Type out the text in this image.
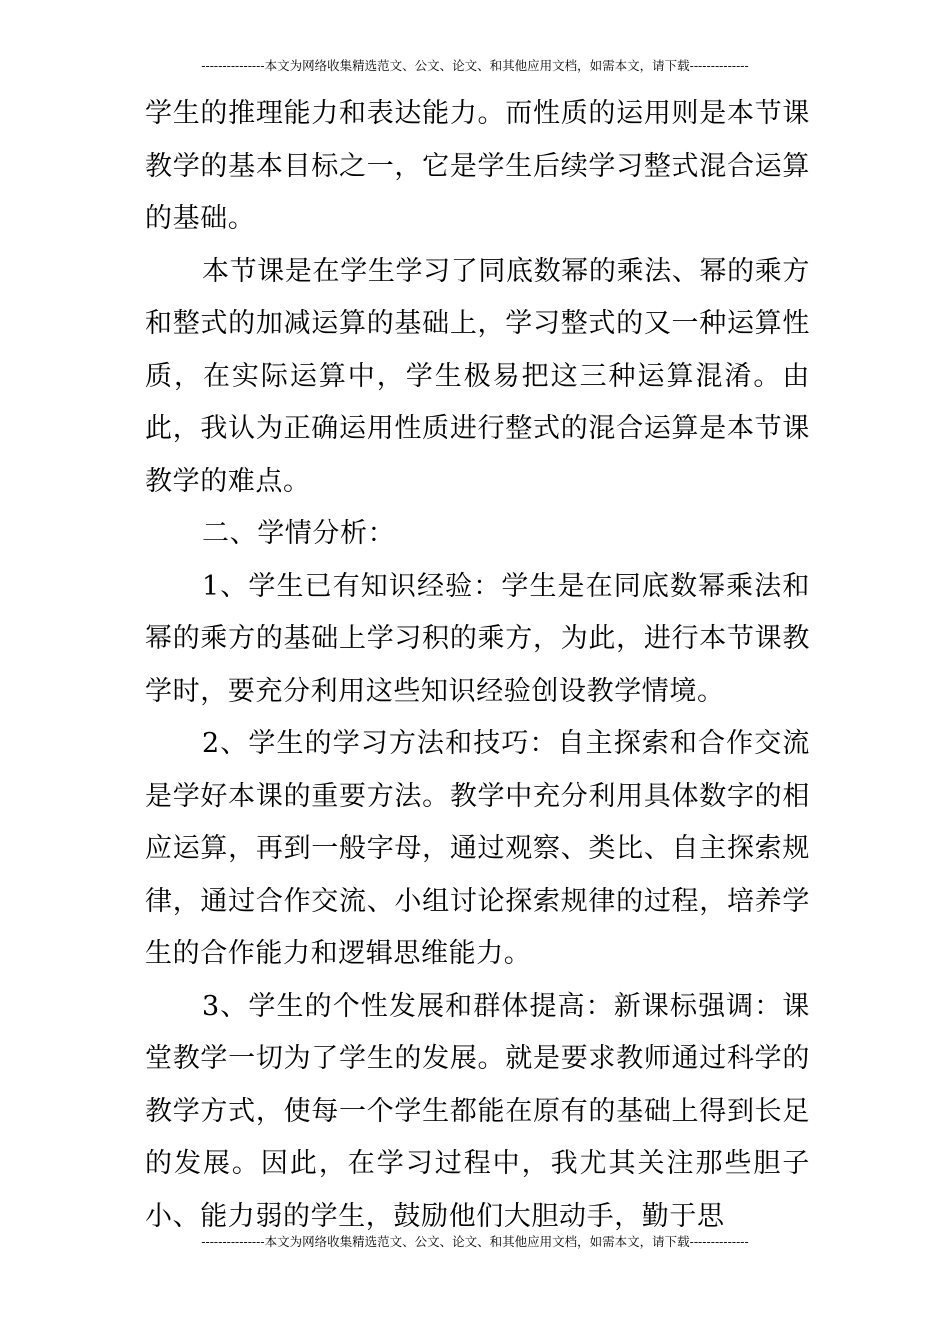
---------------本文为网络收集精选范文、公文、论文、和其他应用文档，如需本文，请下载--------------

学生的推理能力和表达能力。而性质的运用则是本节课教学的基本目标之一，它是学生后续学习整式混合运算的基础。

本节课是在学生学习了同底数幂的乘法、幂的乘方和整式的加减运算的基础上，学习整式的又一种运算性质，在实际运算中，学生极易把这三种运算混淆。由此，我认为正确运用性质进行整式的混合运算是本节课教学的难点。

二、学情分析：

1、学生已有知识经验：学生是在同底数幂乘法和幂的乘方的基础上学习积的乘方，为此，进行本节课教学时，要充分利用这些知识经验创设教学情境。

2、学生的学习方法和技巧：自主探索和合作交流是学好本课的重要方法。教学中充分利用具体数字的相应运算，再到一般字母，通过观察、类比、自主探索规律，通过合作交流、小组讨论探索规律的过程，培养学生的合作能力和逻辑思维能力。

3、学生的个性发展和群体提高：新课标强调：课堂教学一切为了学生的发展。就是要求教师通过科学的教学方式，使每一个学生都能在原有的基础上得到长足的发展。因此，在学习过程中，我尤其关注那些胆子小、能力弱的学生，鼓励他们大胆动手，勤于思

---------------本文为网络收集精选范文、公文、论文、和其他应用文档，如需本文，请下载--------------
